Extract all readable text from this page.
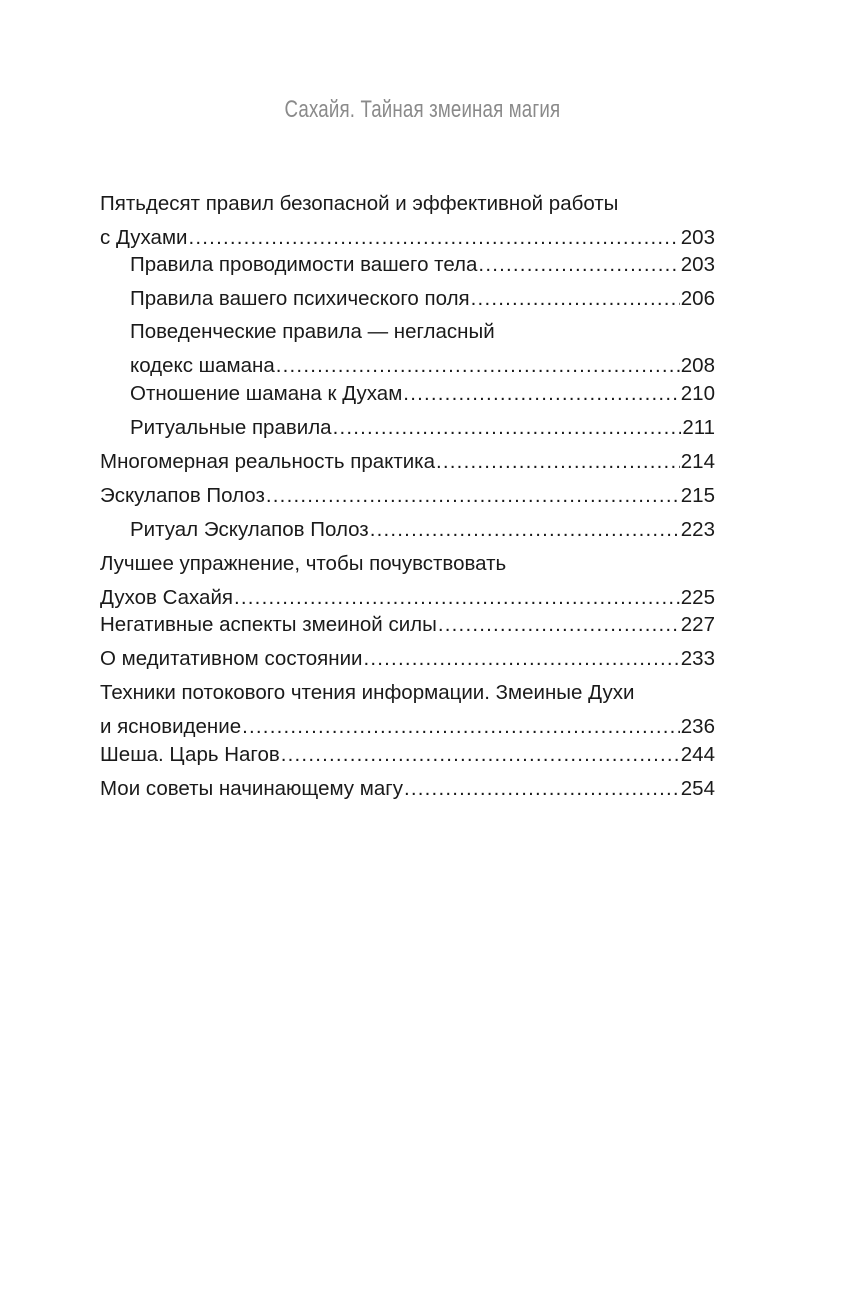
Сахайя. Тайная змеиная магия
Пятьдесят правил безопасной и эффективной работы
с Духами .....	203
Правила проводимости вашего тела .....	203
Правила вашего психического поля .....	206
Поведенческие правила — негласный
кодекс шамана .....	208
Отношение шамана к Духам .....	210
Ритуальные правила .....	211
Многомерная реальность практика .....	214
Эскулапов Полоз .....	215
Ритуал Эскулапов Полоз .....	223
Лучшее упражнение, чтобы почувствовать
Духов Сахайя .....	225
Негативные аспекты змеиной силы .....	227
О медитативном состоянии .....	233
Техники потокового чтения информации. Змеиные Духи
и ясновидение .....	236
Шеша. Царь Нагов .....	244
Мои советы начинающему магу .....	254
